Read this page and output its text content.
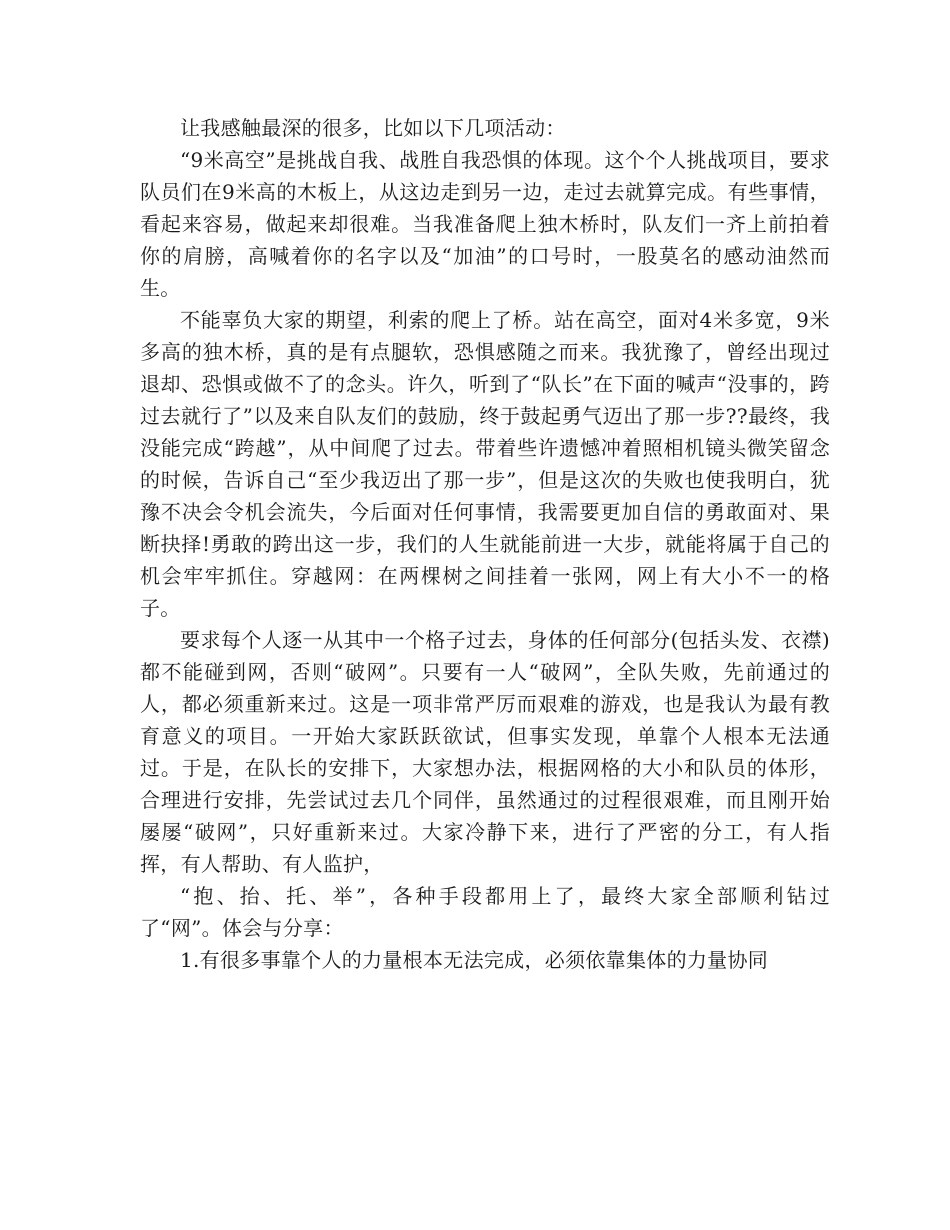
让我感触最深的很多，比如以下几项活动：

“9米高空”是挑战自我、战胜自我恐惧的体现。这个个人挑战项目，要求队员们在9米高的木板上，从这边走到另一边，走过去就算完成。有些事情，看起来容易，做起来却很难。当我准备爬上独木桥时，队友们一齐上前拍着你的肩膀，高喊着你的名字以及“加油”的口号时，一股莫名的感动油然而生。

不能辜负大家的期望，利索的爬上了桥。站在高空，面对4米多宽，9米多高的独木桥，真的是有点腿软，恐惧感随之而来。我犹豫了，曾经出现过退却、恐惧或做不了的念头。许久，听到了“队长”在下面的喊声“没事的，跨过去就行了”以及来自队友们的鼓励，终于鼓起勇气迈出了那一步??最终，我没能完成“跨越”，从中间爬了过去。带着些许遗憾冲着照相机镜头微笑留念的时候，告诉自己“至少我迈出了那一步”，但是这次的失败也使我明白，犹豫不决会令机会流失，今后面对任何事情，我需要更加自信的勇敢面对、果断抉择!勇敢的跨出这一步，我们的人生就能前进一大步，就能将属于自己的机会牢牢抓住。穿越网：在两棵树之间挂着一张网，网上有大小不一的格子。

要求每个人逐一从其中一个格子过去，身体的任何部分(包括头发、衣襟)都不能碰到网，否则“破网”。只要有一人“破网”，全队失败，先前通过的人，都必须重新来过。这是一项非常严厉而艰难的游戏，也是我认为最有教育意义的项目。一开始大家跃跃欲试，但事实发现，单靠个人根本无法通过。于是，在队长的安排下，大家想办法，根据网格的大小和队员的体形，合理进行安排，先尝试过去几个同伴，虽然通过的过程很艰难，而且刚开始屡屡“破网”，只好重新来过。大家冷静下来，进行了严密的分工，有人指挥，有人帮助、有人监护，

“抱、抬、托、举”，各种手段都用上了，最终大家全部顺利钻过了“网”。体会与分享：

1.有很多事靠个人的力量根本无法完成，必须依靠集体的力量协同
